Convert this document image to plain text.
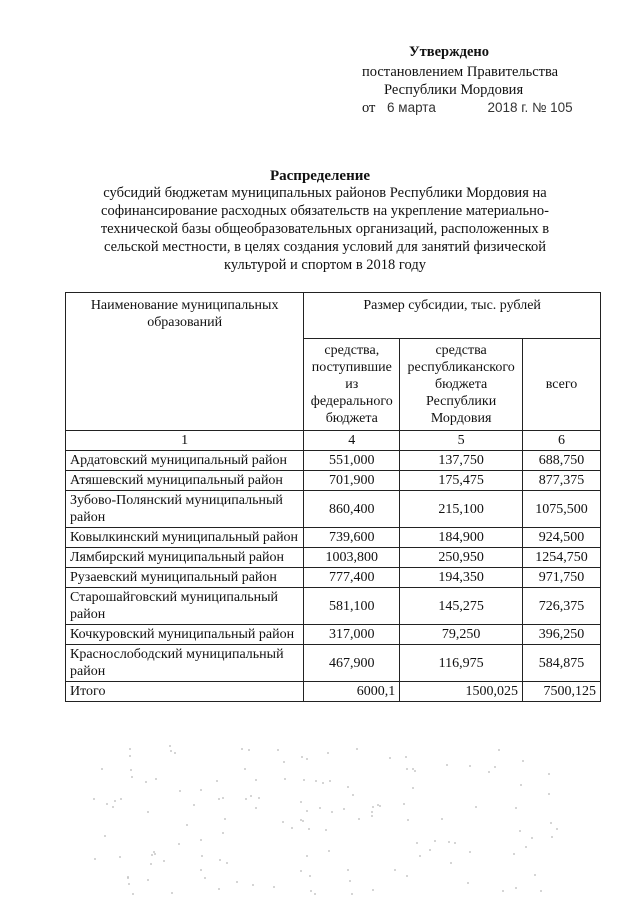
Утверждено
постановлением Правительства
Республики Мордовия
от 6 марта	2018 г. № 105
Распределение
субсидий бюджетам муниципальных районов Республики Мордовия на софинансирование расходных обязательств на укрепление материально-технической базы общеобразовательных организаций, расположенных в сельской местности, в целях создания условий для занятий физической культурой и спортом в 2018 году
Наименование муниципальных образований	Размер субсидии, тыс. рублей		
	средства, поступившие из федерального бюджета	средства республиканского бюджета Республики Мордовия	всего
1	4	5	6
Ардатовский муниципальный район	551,000	137,750	688,750
Атяшевский муниципальный район	701,900	175,475	877,375
Зубово-Полянский муниципальный район	860,400	215,100	1075,500
Ковылкинский муниципальный район	739,600	184,900	924,500
Лямбирский муниципальный район	1003,800	250,950	1254,750
Рузаевский муниципальный район	777,400	194,350	971,750
Старошайговский муниципальный район	581,100	145,275	726,375
Кочкуровский муниципальный район	317,000	79,250	396,250
Краснослободский муниципальный район	467,900	116,975	584,875
Итого	6000,1	1500,025	7500,125
